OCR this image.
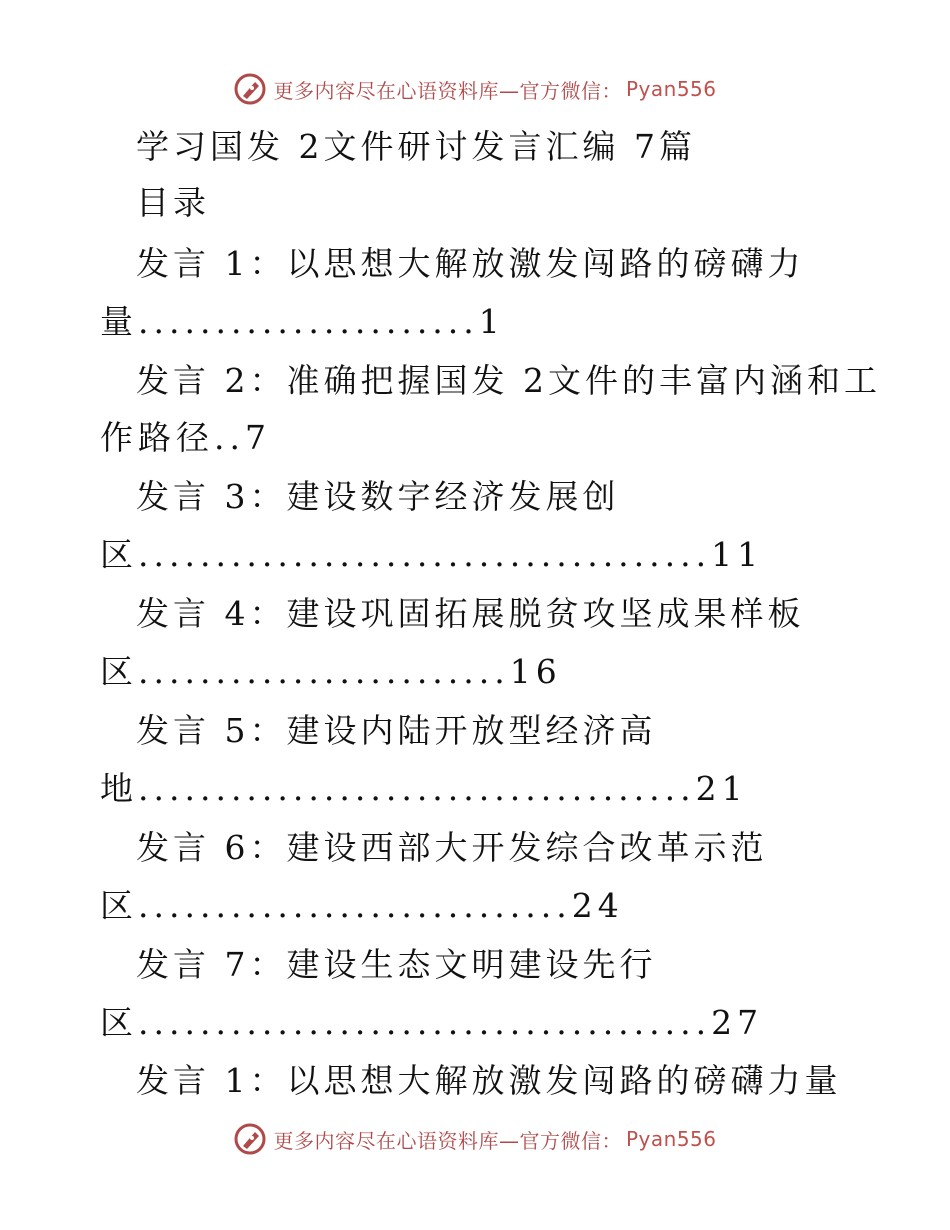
更多内容尽在心语资料库—官方微信： Pyan556
学习国发 2文件研讨发言汇编 7篇
目录
发言 1：以思想大解放激发闯路的磅礴力
量......................1
发言 2：准确把握国发 2文件的丰富内涵和工
作路径..7
发言 3：建设数字经济发展创
区.....................................11
发言 4：建设巩固拓展脱贫攻坚成果样板
区........................16
发言 5：建设内陆开放型经济高
地....................................21
发言 6：建设西部大开发综合改革示范
区............................24
发言 7：建设生态文明建设先行
区.....................................27
发言 1：以思想大解放激发闯路的磅礴力量
更多内容尽在心语资料库—官方微信： Pyan556
